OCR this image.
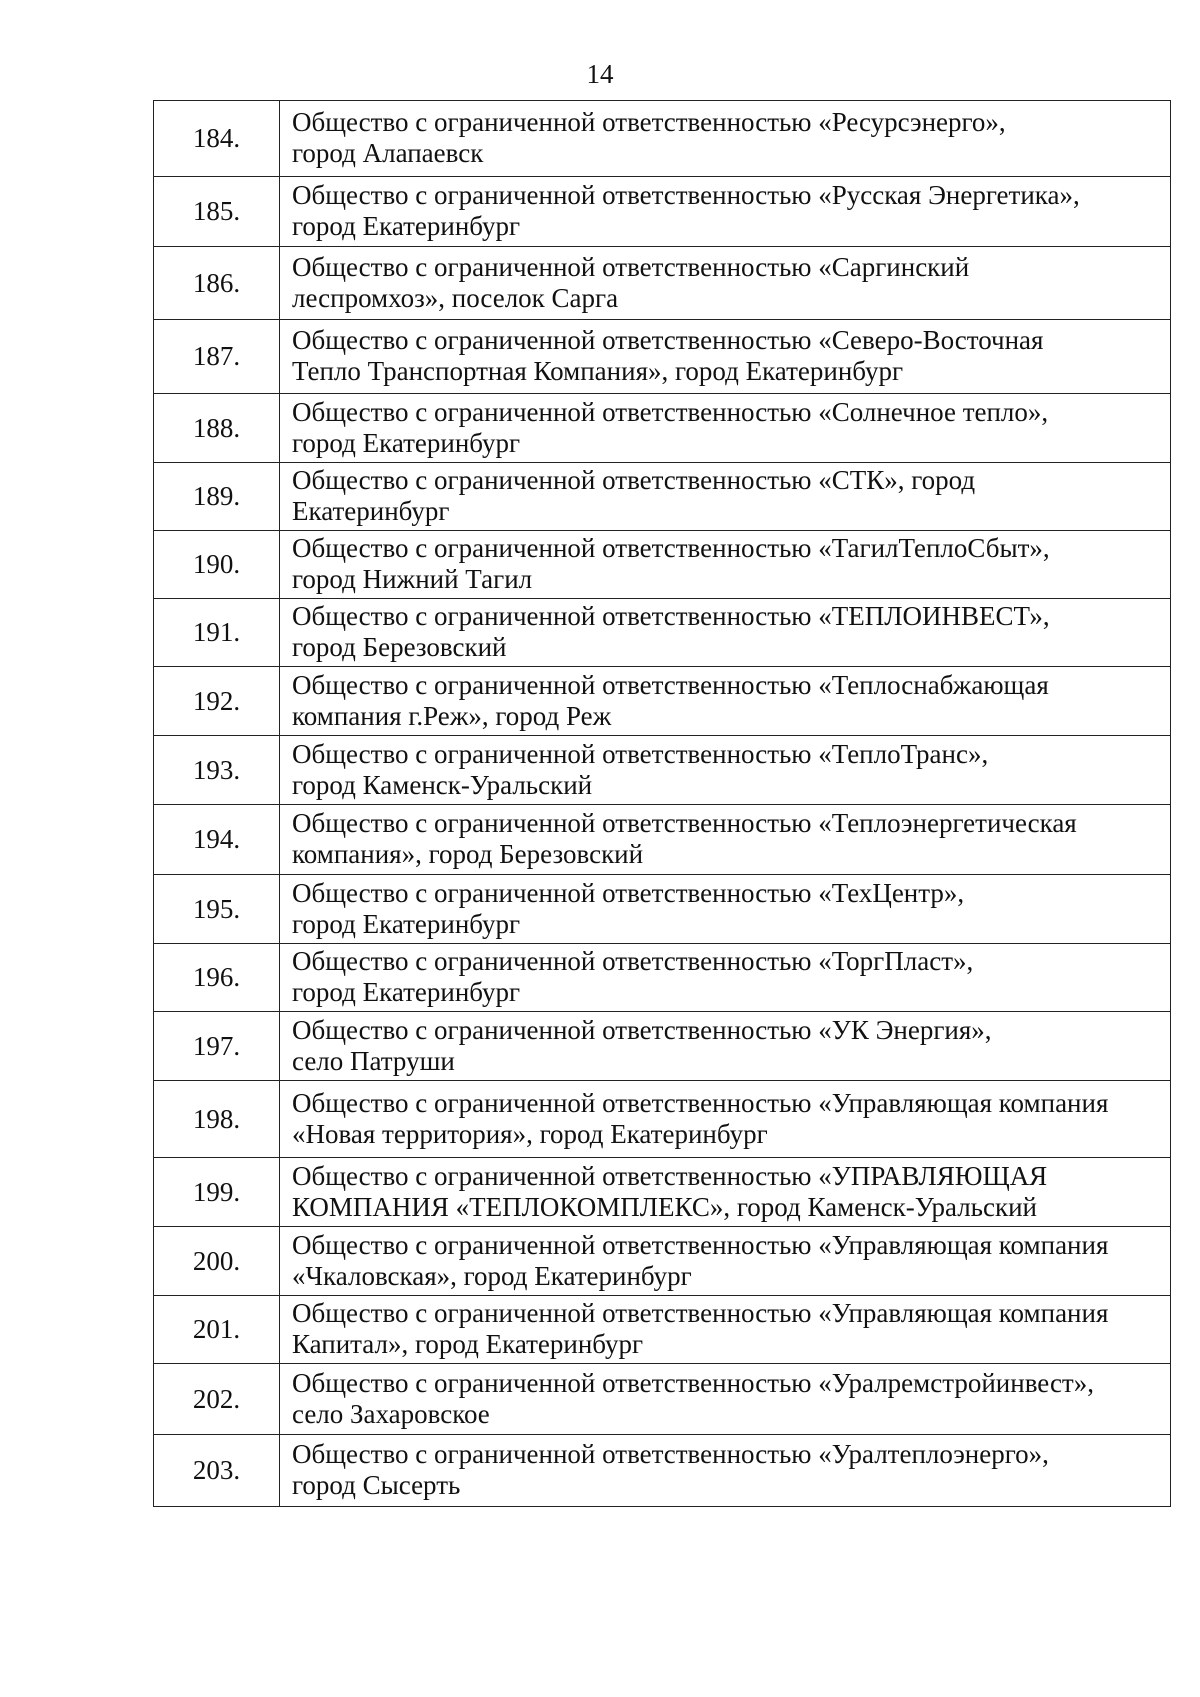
14
184.	Общество с ограниченной ответственностью «Ресурсэнерго»,
город Алапаевск

185.	Общество с ограниченной ответственностью «Русская Энергетика»,
город Екатеринбург

186.	Общество с ограниченной ответственностью «Саргинский
леспромхоз», поселок Сарга

187.	Общество с ограниченной ответственностью «Северо-Восточная
Тепло Транспортная Компания», город Екатеринбург

188.	Общество с ограниченной ответственностью «Солнечное тепло»,
город Екатеринбург

189.	Общество с ограниченной ответственностью «СТК», город
Екатеринбург

190.	Общество с ограниченной ответственностью «ТагилТеплоСбыт»,
город Нижний Тагил

191.	Общество с ограниченной ответственностью «ТЕПЛОИНВЕСТ»,
город Березовский

192.	Общество с ограниченной ответственностью «Теплоснабжающая
компания г.Реж», город Реж

193.	Общество с ограниченной ответственностью «ТеплоТранс»,
город Каменск-Уральский

194.	Общество с ограниченной ответственностью «Теплоэнергетическая
компания», город Березовский

195.	Общество с ограниченной ответственностью «ТехЦентр»,
город Екатеринбург

196.	Общество с ограниченной ответственностью «ТоргПласт»,
город Екатеринбург

197.	Общество с ограниченной ответственностью «УК Энергия»,
село Патруши

198.	Общество с ограниченной ответственностью «Управляющая компания
«Новая территория», город Екатеринбург

199.	Общество с ограниченной ответственностью «УПРАВЛЯЮЩАЯ
КОМПАНИЯ «ТЕПЛОКОМПЛЕКС», город Каменск-Уральский

200.	Общество с ограниченной ответственностью «Управляющая компания
«Чкаловская», город Екатеринбург

201.	Общество с ограниченной ответственностью «Управляющая компания
Капитал», город Екатеринбург

202.	Общество с ограниченной ответственностью «Уралремстройинвест»,
село Захаровское

203.	Общество с ограниченной ответственностью «Уралтеплоэнерго»,
город Сысерть
